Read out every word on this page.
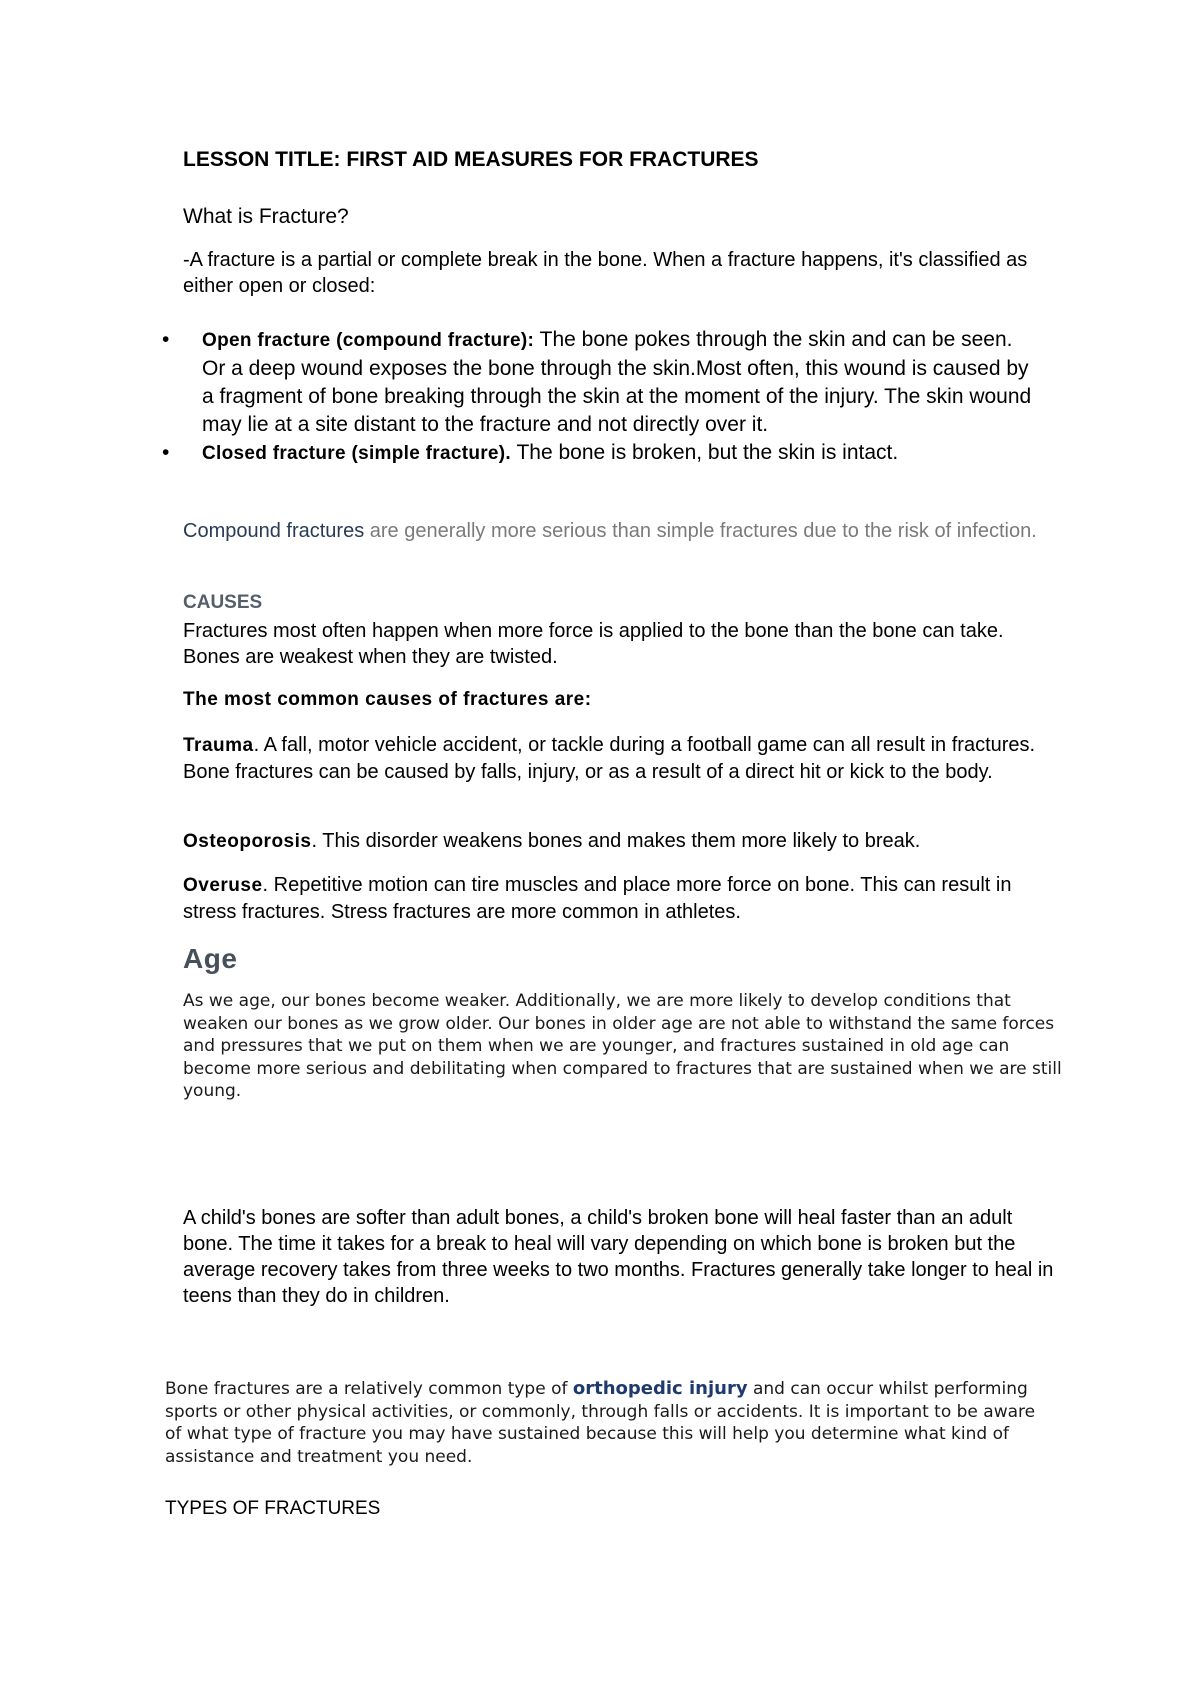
LESSON TITLE: FIRST AID MEASURES FOR FRACTURES

What is Fracture?

-A fracture is a partial or complete break in the bone. When a fracture happens, it's classified as either open or closed:

• Open fracture (compound fracture): The bone pokes through the skin and can be seen. Or a deep wound exposes the bone through the skin.Most often, this wound is caused by a fragment of bone breaking through the skin at the moment of the injury. The skin wound may lie at a site distant to the fracture and not directly over it.
• Closed fracture (simple fracture). The bone is broken, but the skin is intact.

Compound fractures are generally more serious than simple fractures due to the risk of infection.

CAUSES

Fractures most often happen when more force is applied to the bone than the bone can take. Bones are weakest when they are twisted.

The most common causes of fractures are:

Trauma. A fall, motor vehicle accident, or tackle during a football game can all result in fractures. Bone fractures can be caused by falls, injury, or as a result of a direct hit or kick to the body.

Osteoporosis. This disorder weakens bones and makes them more likely to break.

Overuse. Repetitive motion can tire muscles and place more force on bone. This can result in stress fractures. Stress fractures are more common in athletes.

Age

As we age, our bones become weaker. Additionally, we are more likely to develop conditions that weaken our bones as we grow older. Our bones in older age are not able to withstand the same forces and pressures that we put on them when we are younger, and fractures sustained in old age can become more serious and debilitating when compared to fractures that are sustained when we are still young.

A child's bones are softer than adult bones, a child's broken bone will heal faster than an adult bone. The time it takes for a break to heal will vary depending on which bone is broken but the average recovery takes from three weeks to two months. Fractures generally take longer to heal in teens than they do in children.

Bone fractures are a relatively common type of orthopedic injury and can occur whilst performing sports or other physical activities, or commonly, through falls or accidents. It is important to be aware of what type of fracture you may have sustained because this will help you determine what kind of assistance and treatment you need.

TYPES OF FRACTURES
